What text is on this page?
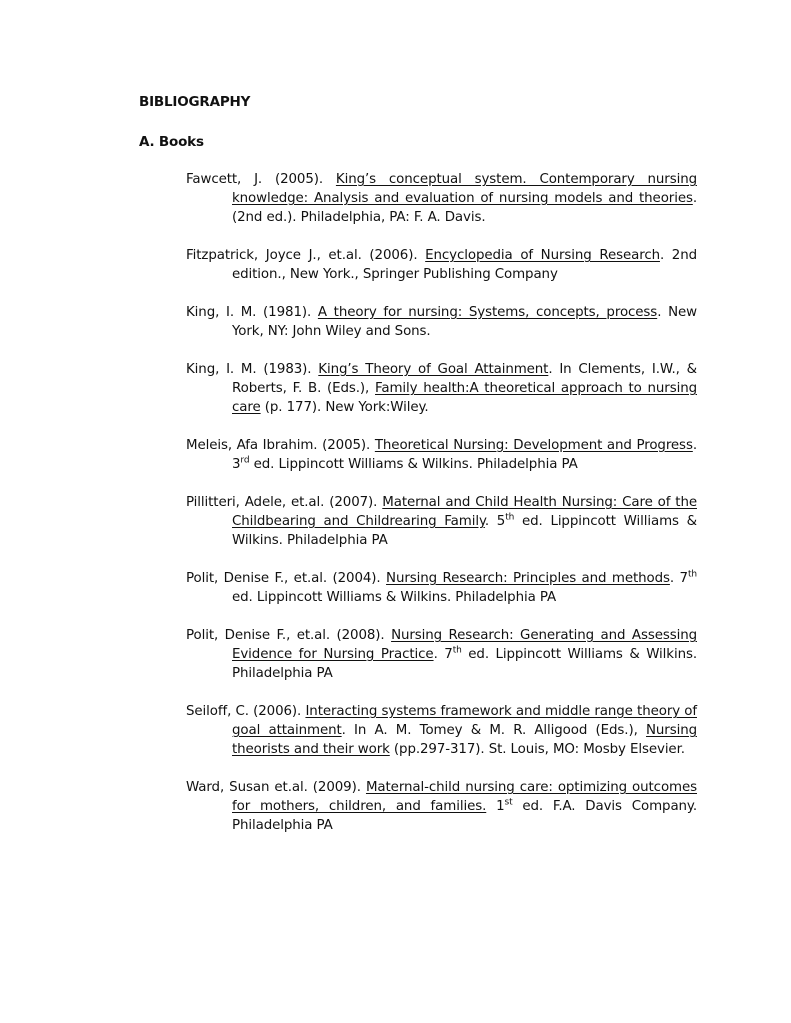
BIBLIOGRAPHY
A. Books

Fawcett, J. (2005). King’s conceptual system. Contemporary nursing knowledge: Analysis and evaluation of nursing models and theories. (2nd ed.). Philadelphia, PA: F. A. Davis.

Fitzpatrick, Joyce J., et.al. (2006). Encyclopedia of Nursing Research. 2nd edition., New York., Springer Publishing Company

King, I. M. (1981). A theory for nursing: Systems, concepts, process. New York, NY: John Wiley and Sons.

King, I. M. (1983). King’s Theory of Goal Attainment. In Clements, I.W., & Roberts, F. B. (Eds.), Family health:A theoretical approach to nursing care (p. 177). New York:Wiley.

Meleis, Afa Ibrahim. (2005). Theoretical Nursing: Development and Progress. 3rd ed. Lippincott Williams & Wilkins. Philadelphia PA

Pillitteri, Adele, et.al. (2007). Maternal and Child Health Nursing: Care of the Childbearing and Childrearing Family. 5th ed. Lippincott Williams & Wilkins. Philadelphia PA

Polit, Denise F., et.al. (2004). Nursing Research: Principles and methods. 7th ed. Lippincott Williams & Wilkins. Philadelphia PA

Polit, Denise F., et.al. (2008). Nursing Research: Generating and Assessing Evidence for Nursing Practice. 7th ed. Lippincott Williams & Wilkins. Philadelphia PA

Seiloff, C. (2006). Interacting systems framework and middle range theory of goal attainment. In A. M. Tomey & M. R. Alligood (Eds.), Nursing theorists and their work (pp.297-317). St. Louis, MO: Mosby Elsevier.

Ward, Susan et.al. (2009). Maternal-child nursing care: optimizing outcomes for mothers, children, and families. 1st ed. F.A. Davis Company. Philadelphia PA
